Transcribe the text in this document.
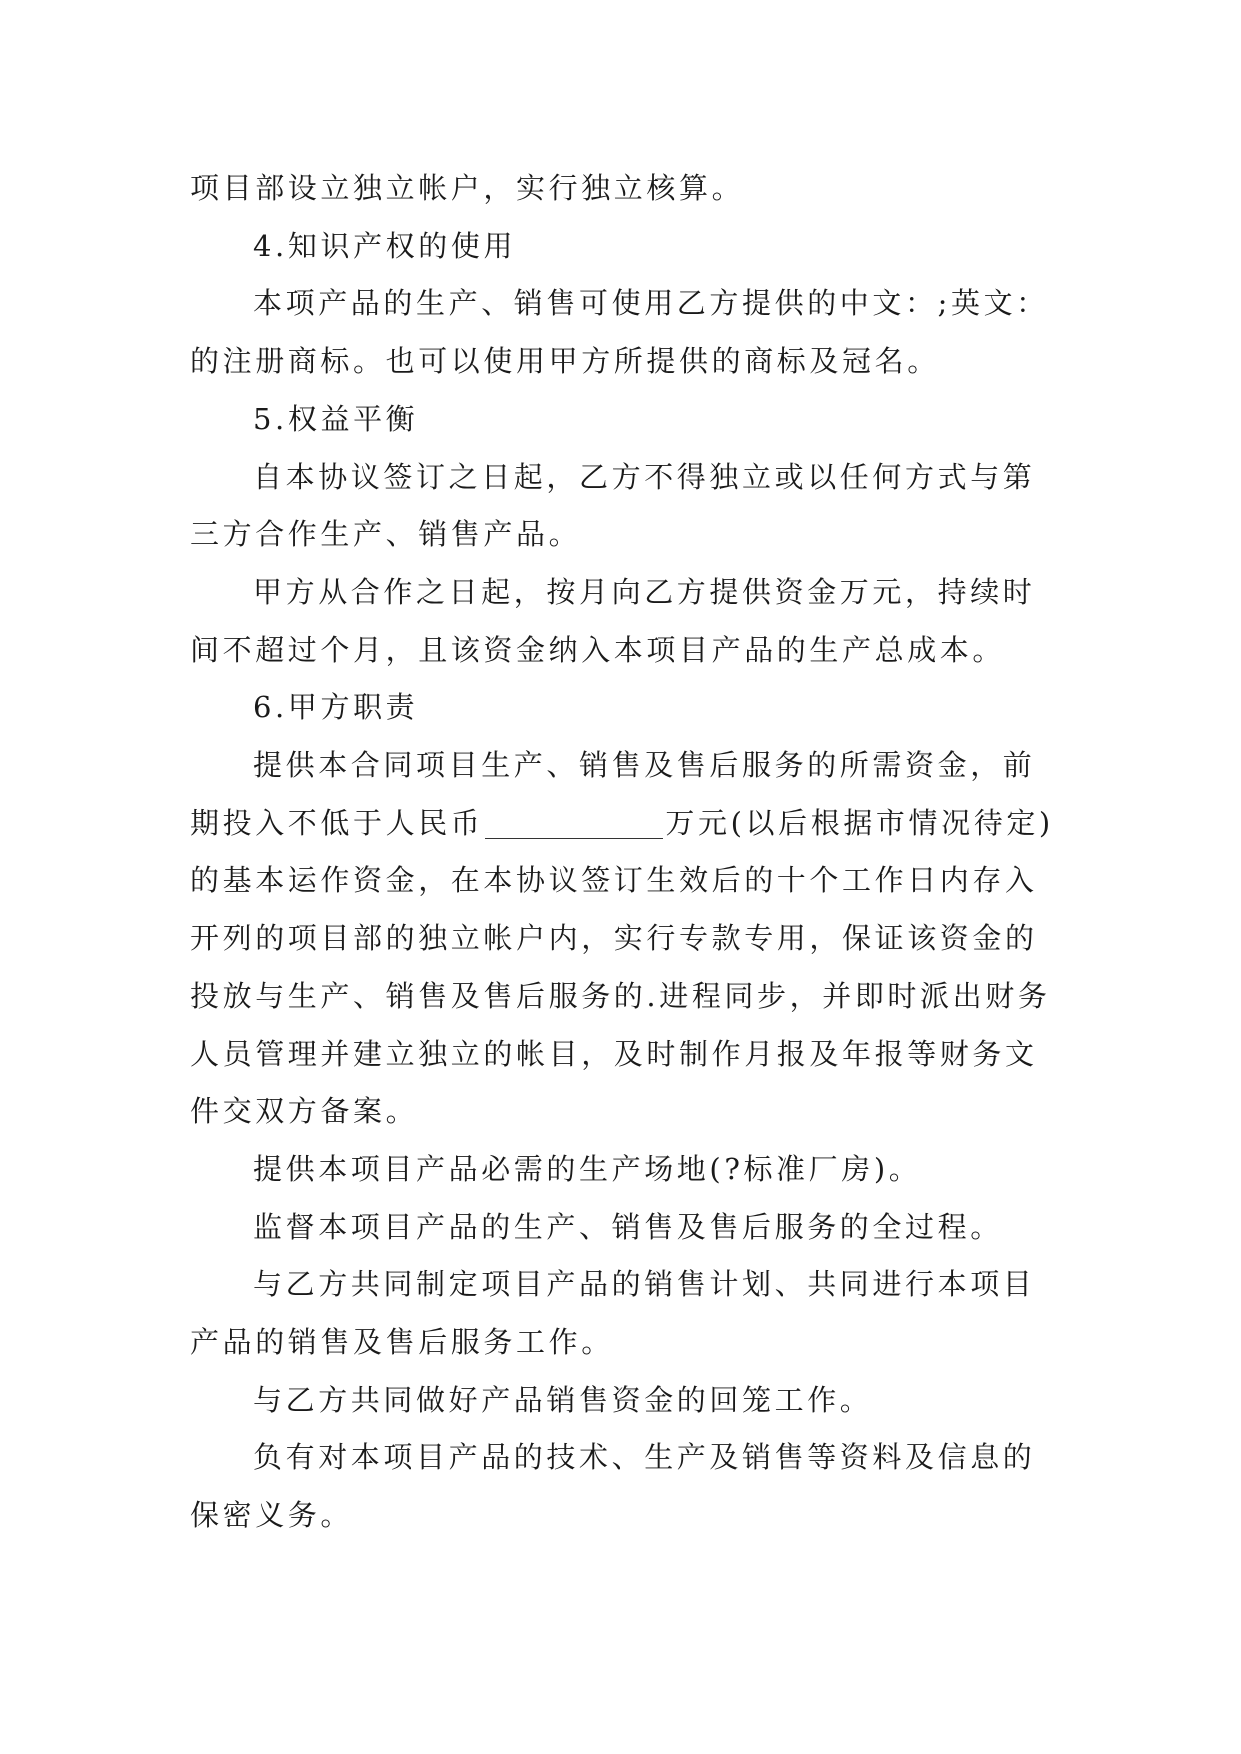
项目部设立独立帐户，实行独立核算。

4.知识产权的使用

本项产品的生产、销售可使用乙方提供的中文：;英文：的注册商标。也可以使用甲方所提供的商标及冠名。

5.权益平衡

自本协议签订之日起，乙方不得独立或以任何方式与第三方合作生产、销售产品。

甲方从合作之日起，按月向乙方提供资金万元，持续时间不超过个月，且该资金纳入本项目产品的生产总成本。

6.甲方职责

提供本合同项目生产、销售及售后服务的所需资金，前期投入不低于人民币	万元(以后根据市情况待定)的基本运作资金，在本协议签订生效后的十个工作日内存入开列的项目部的独立帐户内，实行专款专用，保证该资金的投放与生产、销售及售后服务的.进程同步，并即时派出财务人员管理并建立独立的帐目，及时制作月报及年报等财务文件交双方备案。

提供本项目产品必需的生产场地(?标准厂房)。

监督本项目产品的生产、销售及售后服务的全过程。

与乙方共同制定项目产品的销售计划、共同进行本项目产品的销售及售后服务工作。

与乙方共同做好产品销售资金的回笼工作。

负有对本项目产品的技术、生产及销售等资料及信息的保密义务。
